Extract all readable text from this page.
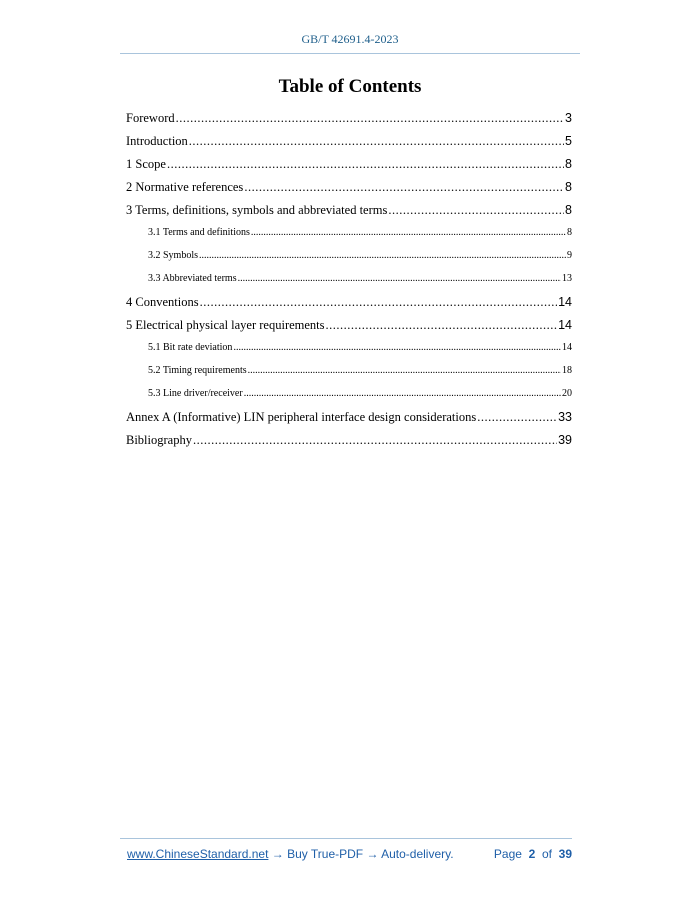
GB/T 42691.4-2023
Table of Contents
Foreword .....	3
Introduction .....	5
1 Scope .....	8
2 Normative references .....	8
3 Terms, definitions, symbols and abbreviated terms .....	8
3.1 Terms and definitions .....	8
3.2 Symbols .....	9
3.3 Abbreviated terms .....	13
4 Conventions .....	14
5 Electrical physical layer requirements .....	14
5.1 Bit rate deviation .....	14
5.2 Timing requirements .....	18
5.3 Line driver/receiver .....	20
Annex A (Informative) LIN peripheral interface design considerations .....	33
Bibliography .....	39
www.ChineseStandard.net → Buy True-PDF → Auto-delivery.	Page 2 of 39
